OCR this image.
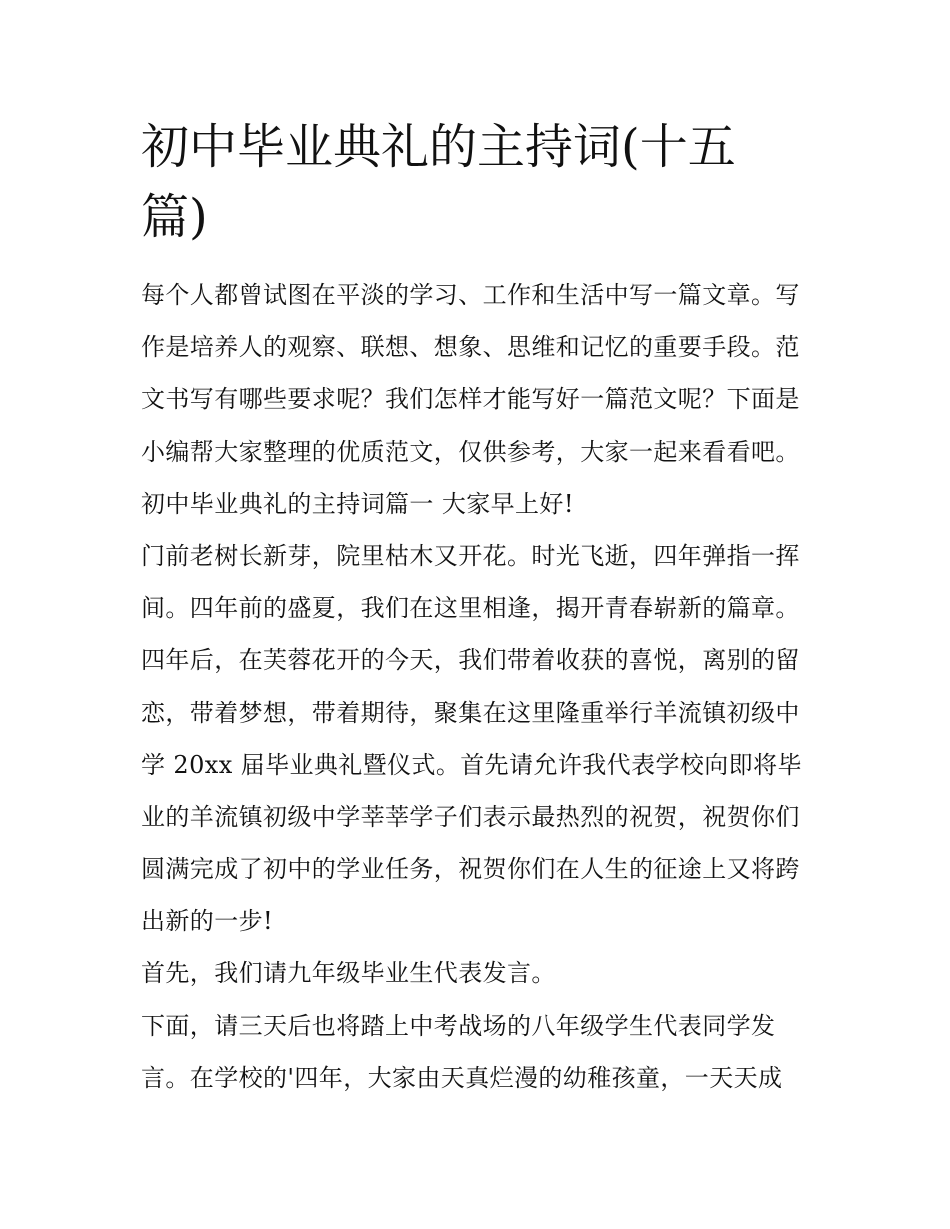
初中毕业典礼的主持词(十五
篇)
每个人都曾试图在平淡的学习、工作和生活中写一篇文章。写
作是培养人的观察、联想、想象、思维和记忆的重要手段。范
文书写有哪些要求呢？我们怎样才能写好一篇范文呢？下面是
小编帮大家整理的优质范文，仅供参考，大家一起来看看吧。
初中毕业典礼的主持词篇一 大家早上好!
门前老树长新芽，院里枯木又开花。时光飞逝，四年弹指一挥
间。四年前的盛夏，我们在这里相逢，揭开青春崭新的篇章。
四年后，在芙蓉花开的今天，我们带着收获的喜悦，离别的留
恋，带着梦想，带着期待，聚集在这里隆重举行羊流镇初级中
学 20xx 届毕业典礼暨仪式。首先请允许我代表学校向即将毕
业的羊流镇初级中学莘莘学子们表示最热烈的祝贺，祝贺你们
圆满完成了初中的学业任务，祝贺你们在人生的征途上又将跨
出新的一步!
首先，我们请九年级毕业生代表发言。
下面，请三天后也将踏上中考战场的八年级学生代表同学发
言。在学校的'四年，大家由天真烂漫的幼稚孩童，一天天成
